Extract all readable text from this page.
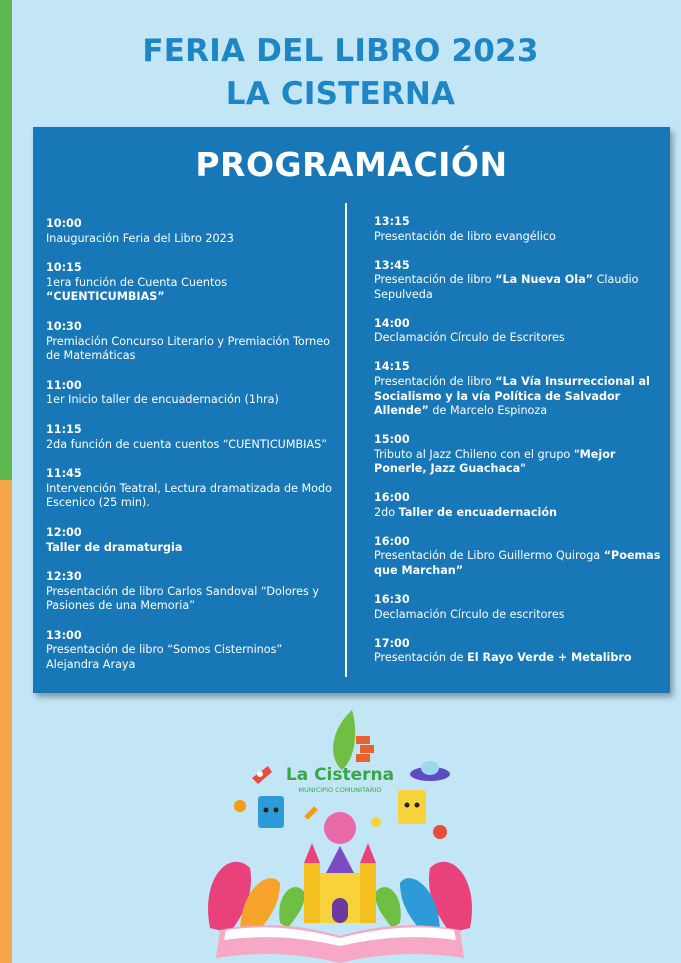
FERIA DEL LIBRO 2023
LA CISTERNA
PROGRAMACIÓN
10:00
Inauguración Feria del Libro 2023
10:15
1era función de Cuenta Cuentos “CUENTICUMBIAS”
10:30
Premiación Concurso Literario y Premiación Torneo de Matemáticas
11:00
1er Inicio taller de encuadernación (1hra)
11:15
2da función de cuenta cuentos “CUENTICUMBIAS”
11:45
Intervención Teatral, Lectura dramatizada de Modo Escenico (25 min).
12:00
Taller de dramaturgia
12:30
Presentación de libro Carlos Sandoval “Dolores y Pasiones de una Memoria”
13:00
Presentación de libro “Somos Cisterninos” Alejandra Araya
13:15
Presentación de libro evangélico
13:45
Presentación de libro “La Nueva Ola” Claudio Sepulveda
14:00
Declamación Círculo de Escritores
14:15
Presentación de libro “La Vía Insurreccional al Socialismo y la vía Política de Salvador Allende” de Marcelo Espinoza
15:00
Tributo al Jazz Chileno con el grupo "Mejor Ponerle, Jazz Guachaca"
16:00
2do Taller de encuadernación
16:00
Presentación de Libro Guillermo Quiroga “Poemas que Marchan”
16:30
Declamación Círculo de escritores
17:00
Presentación de El Rayo Verde + Metalibro
La Cisterna
MUNICIPIO COMUNITARIO
